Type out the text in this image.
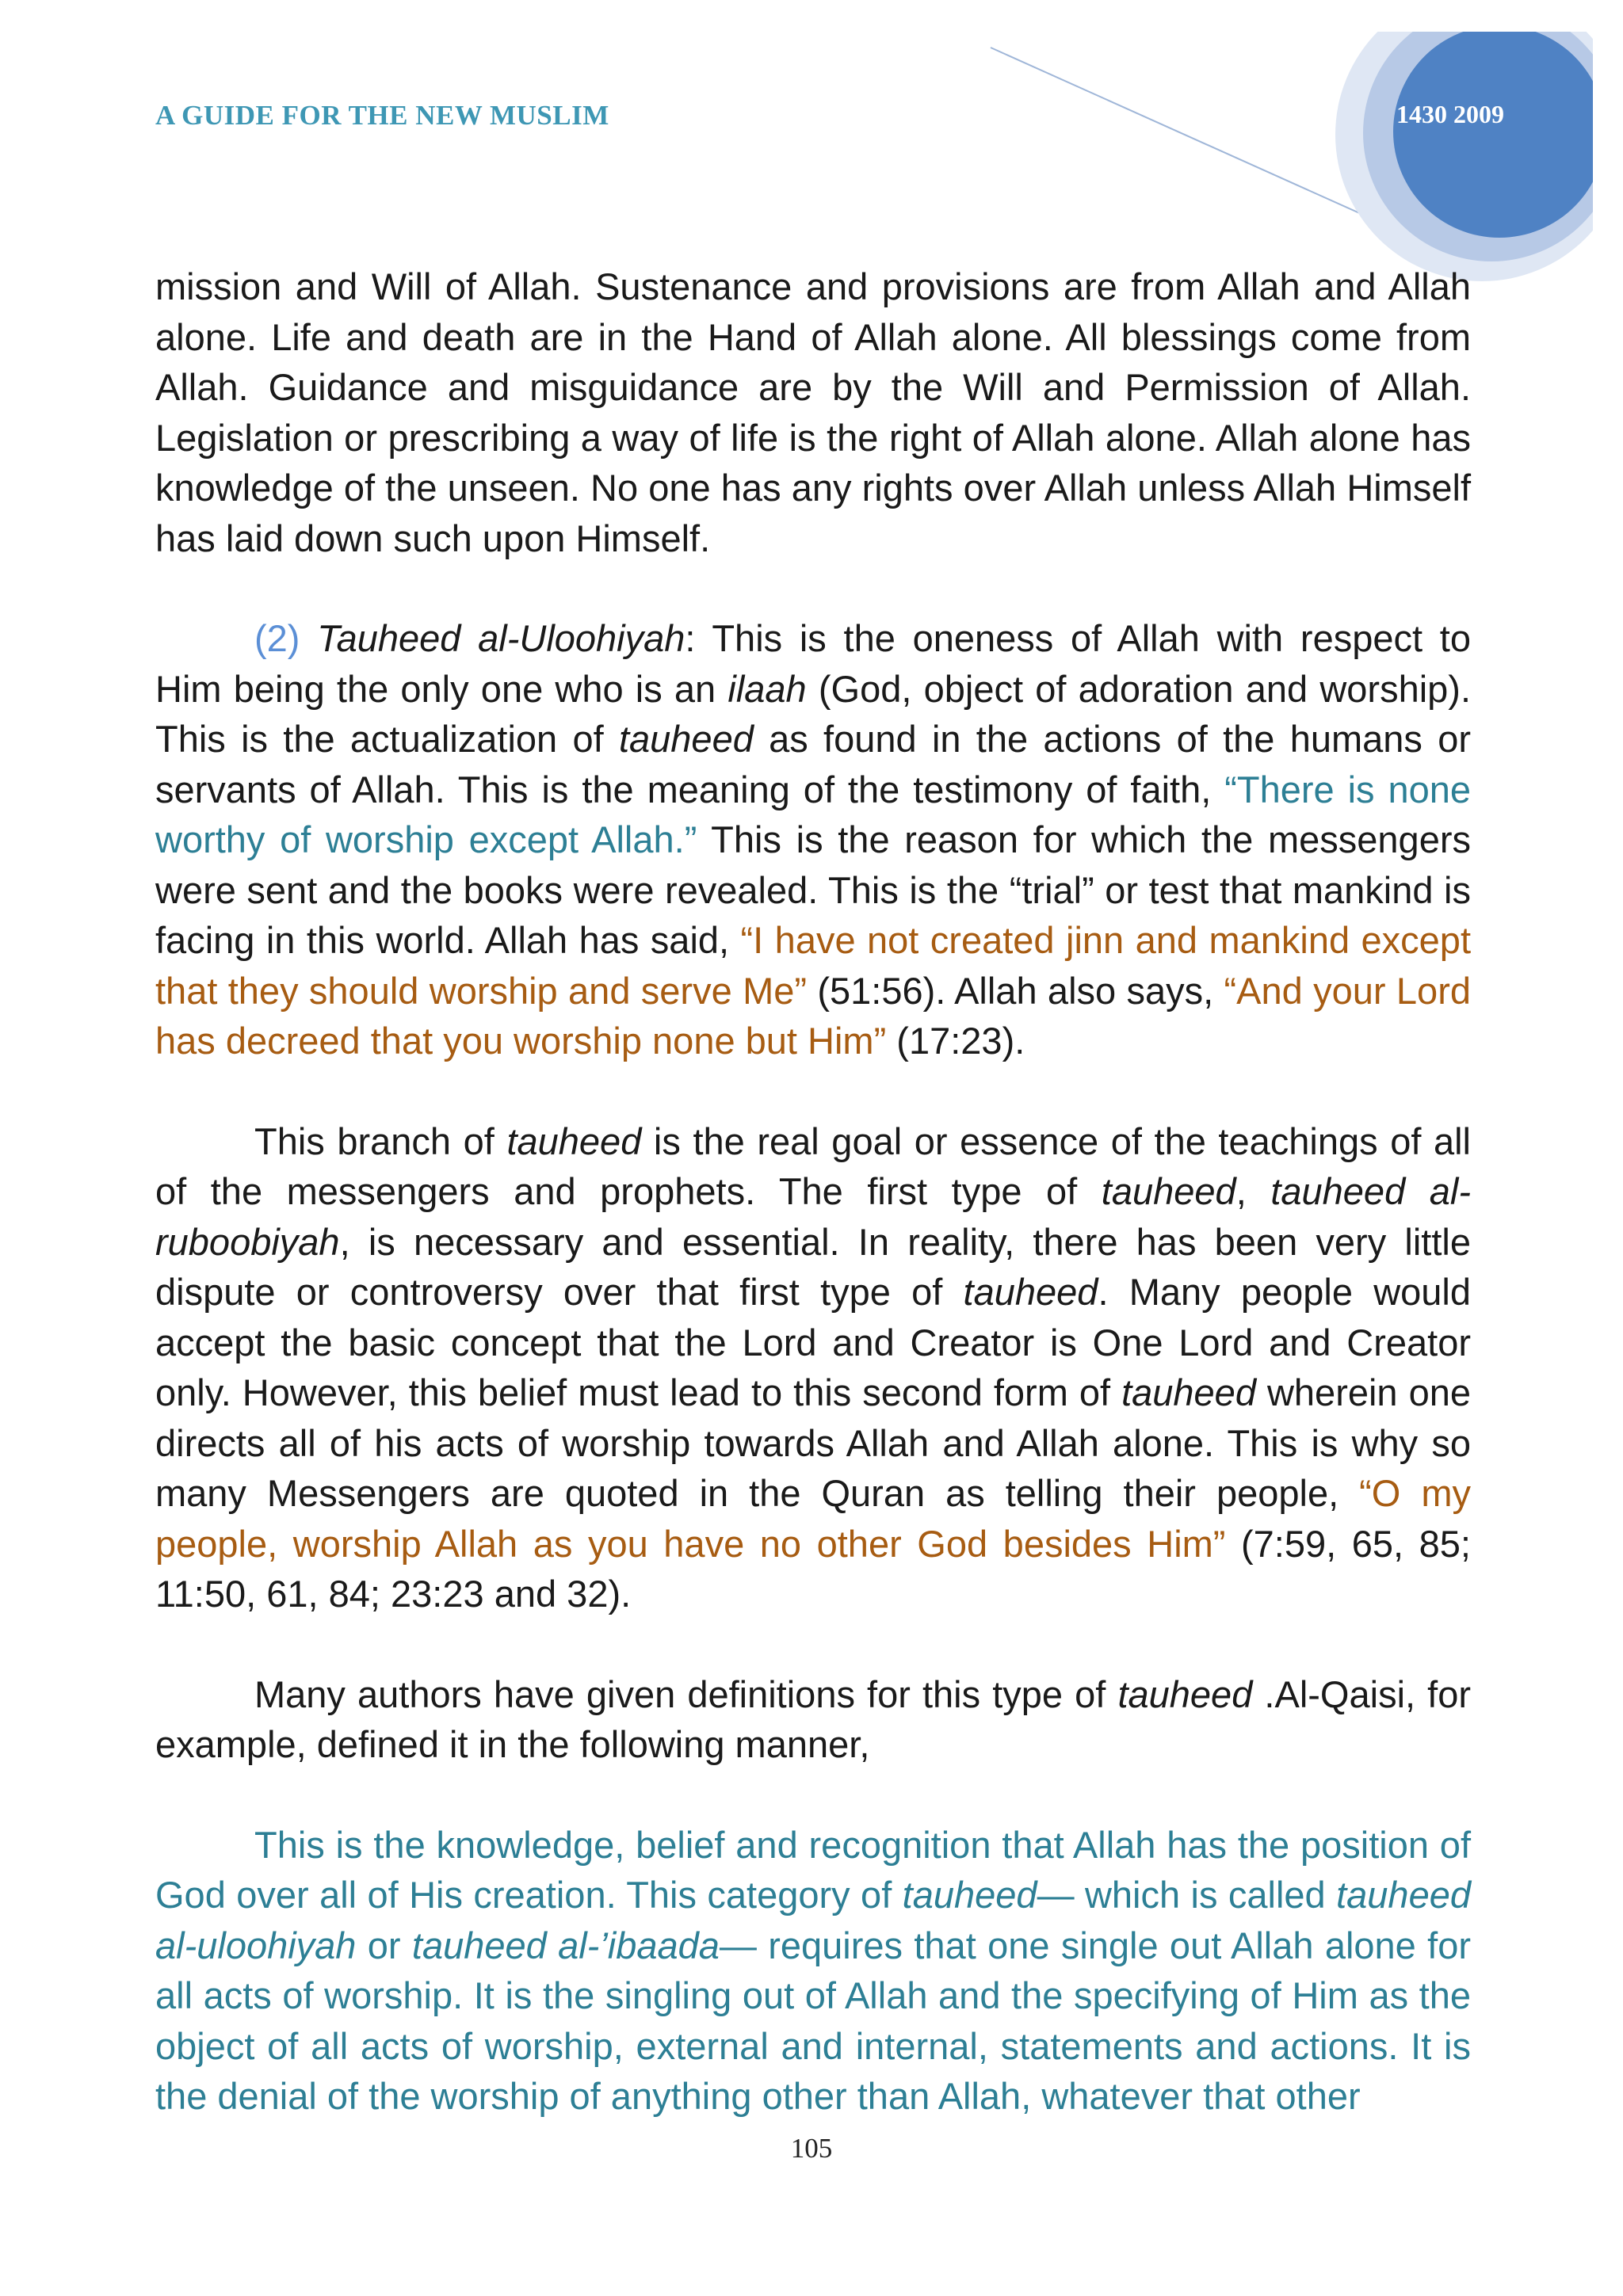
A GUIDE FOR THE NEW MUSLIM	1430 2009

mission and Will of Allah. Sustenance and provisions are from Allah and Allah alone. Life and death are in the Hand of Allah alone. All blessings come from Allah. Guidance and misguidance are by the Will and Permission of Allah. Legislation or prescribing a way of life is the right of Allah alone. Allah alone has knowledge of the unseen. No one has any rights over Allah unless Allah Himself has laid down such upon Himself.

(2) Tauheed al-Uloohiyah: This is the oneness of Allah with respect to Him being the only one who is an ilaah (God, object of adoration and worship). This is the actualization of tauheed as found in the actions of the humans or servants of Allah. This is the meaning of the testimony of faith, “There is none worthy of worship except Allah.” This is the reason for which the messengers were sent and the books were revealed. This is the “trial” or test that mankind is facing in this world. Allah has said, “I have not created jinn and mankind except that they should worship and serve Me” (51:56). Allah also says, “And your Lord has decreed that you worship none but Him” (17:23).

This branch of tauheed is the real goal or essence of the teachings of all of the messengers and prophets. The first type of tauheed, tauheed al-ruboobiyah, is necessary and essential. In reality, there has been very little dispute or controversy over that first type of tauheed. Many people would accept the basic concept that the Lord and Creator is One Lord and Creator only. However, this belief must lead to this second form of tauheed wherein one directs all of his acts of worship towards Allah and Allah alone. This is why so many Messengers are quoted in the Quran as telling their people, “O my people, worship Allah as you have no other God besides Him” (7:59, 65, 85; 11:50, 61, 84; 23:23 and 32).

Many authors have given definitions for this type of tauheed .Al-Qaisi, for example, defined it in the following manner,

This is the knowledge, belief and recognition that Allah has the position of God over all of His creation. This category of tauheed— which is called tauheed al-uloohiyah or tauheed al-’ibaada— requires that one single out Allah alone for all acts of worship. It is the singling out of Allah and the specifying of Him as the object of all acts of worship, external and internal, statements and actions. It is the denial of the worship of anything other than Allah, whatever that other

105
